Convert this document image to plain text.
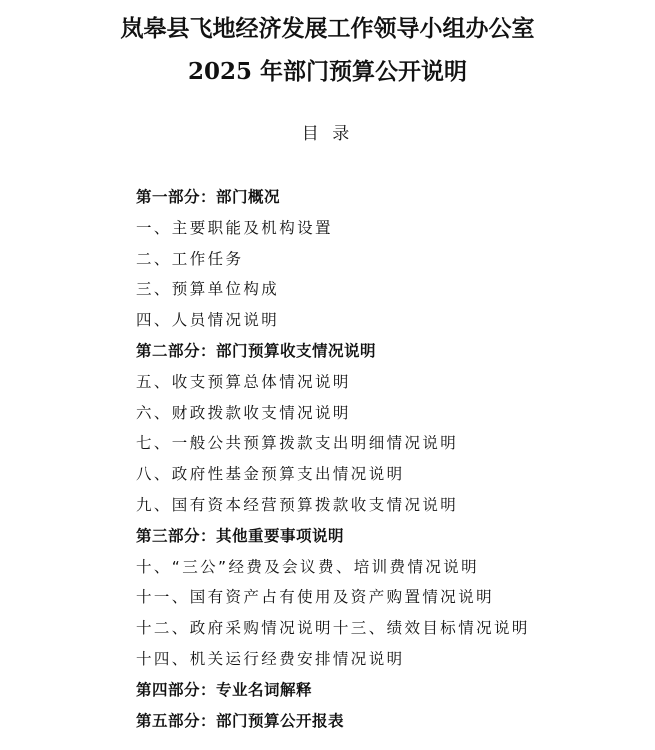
岚皋县飞地经济发展工作领导小组办公室
2025 年部门预算公开说明
目 录
第一部分：部门概况
一、主要职能及机构设置
二、工作任务
三、预算单位构成
四、人员情况说明
第二部分：部门预算收支情况说明
五、收支预算总体情况说明
六、财政拨款收支情况说明
七、一般公共预算拨款支出明细情况说明
八、政府性基金预算支出情况说明
九、国有资本经营预算拨款收支情况说明
第三部分：其他重要事项说明
十、“三公”经费及会议费、培训费情况说明
十一、国有资产占有使用及资产购置情况说明
十二、政府采购情况说明十三、绩效目标情况说明
十四、机关运行经费安排情况说明
第四部分：专业名词解释
第五部分：部门预算公开报表
